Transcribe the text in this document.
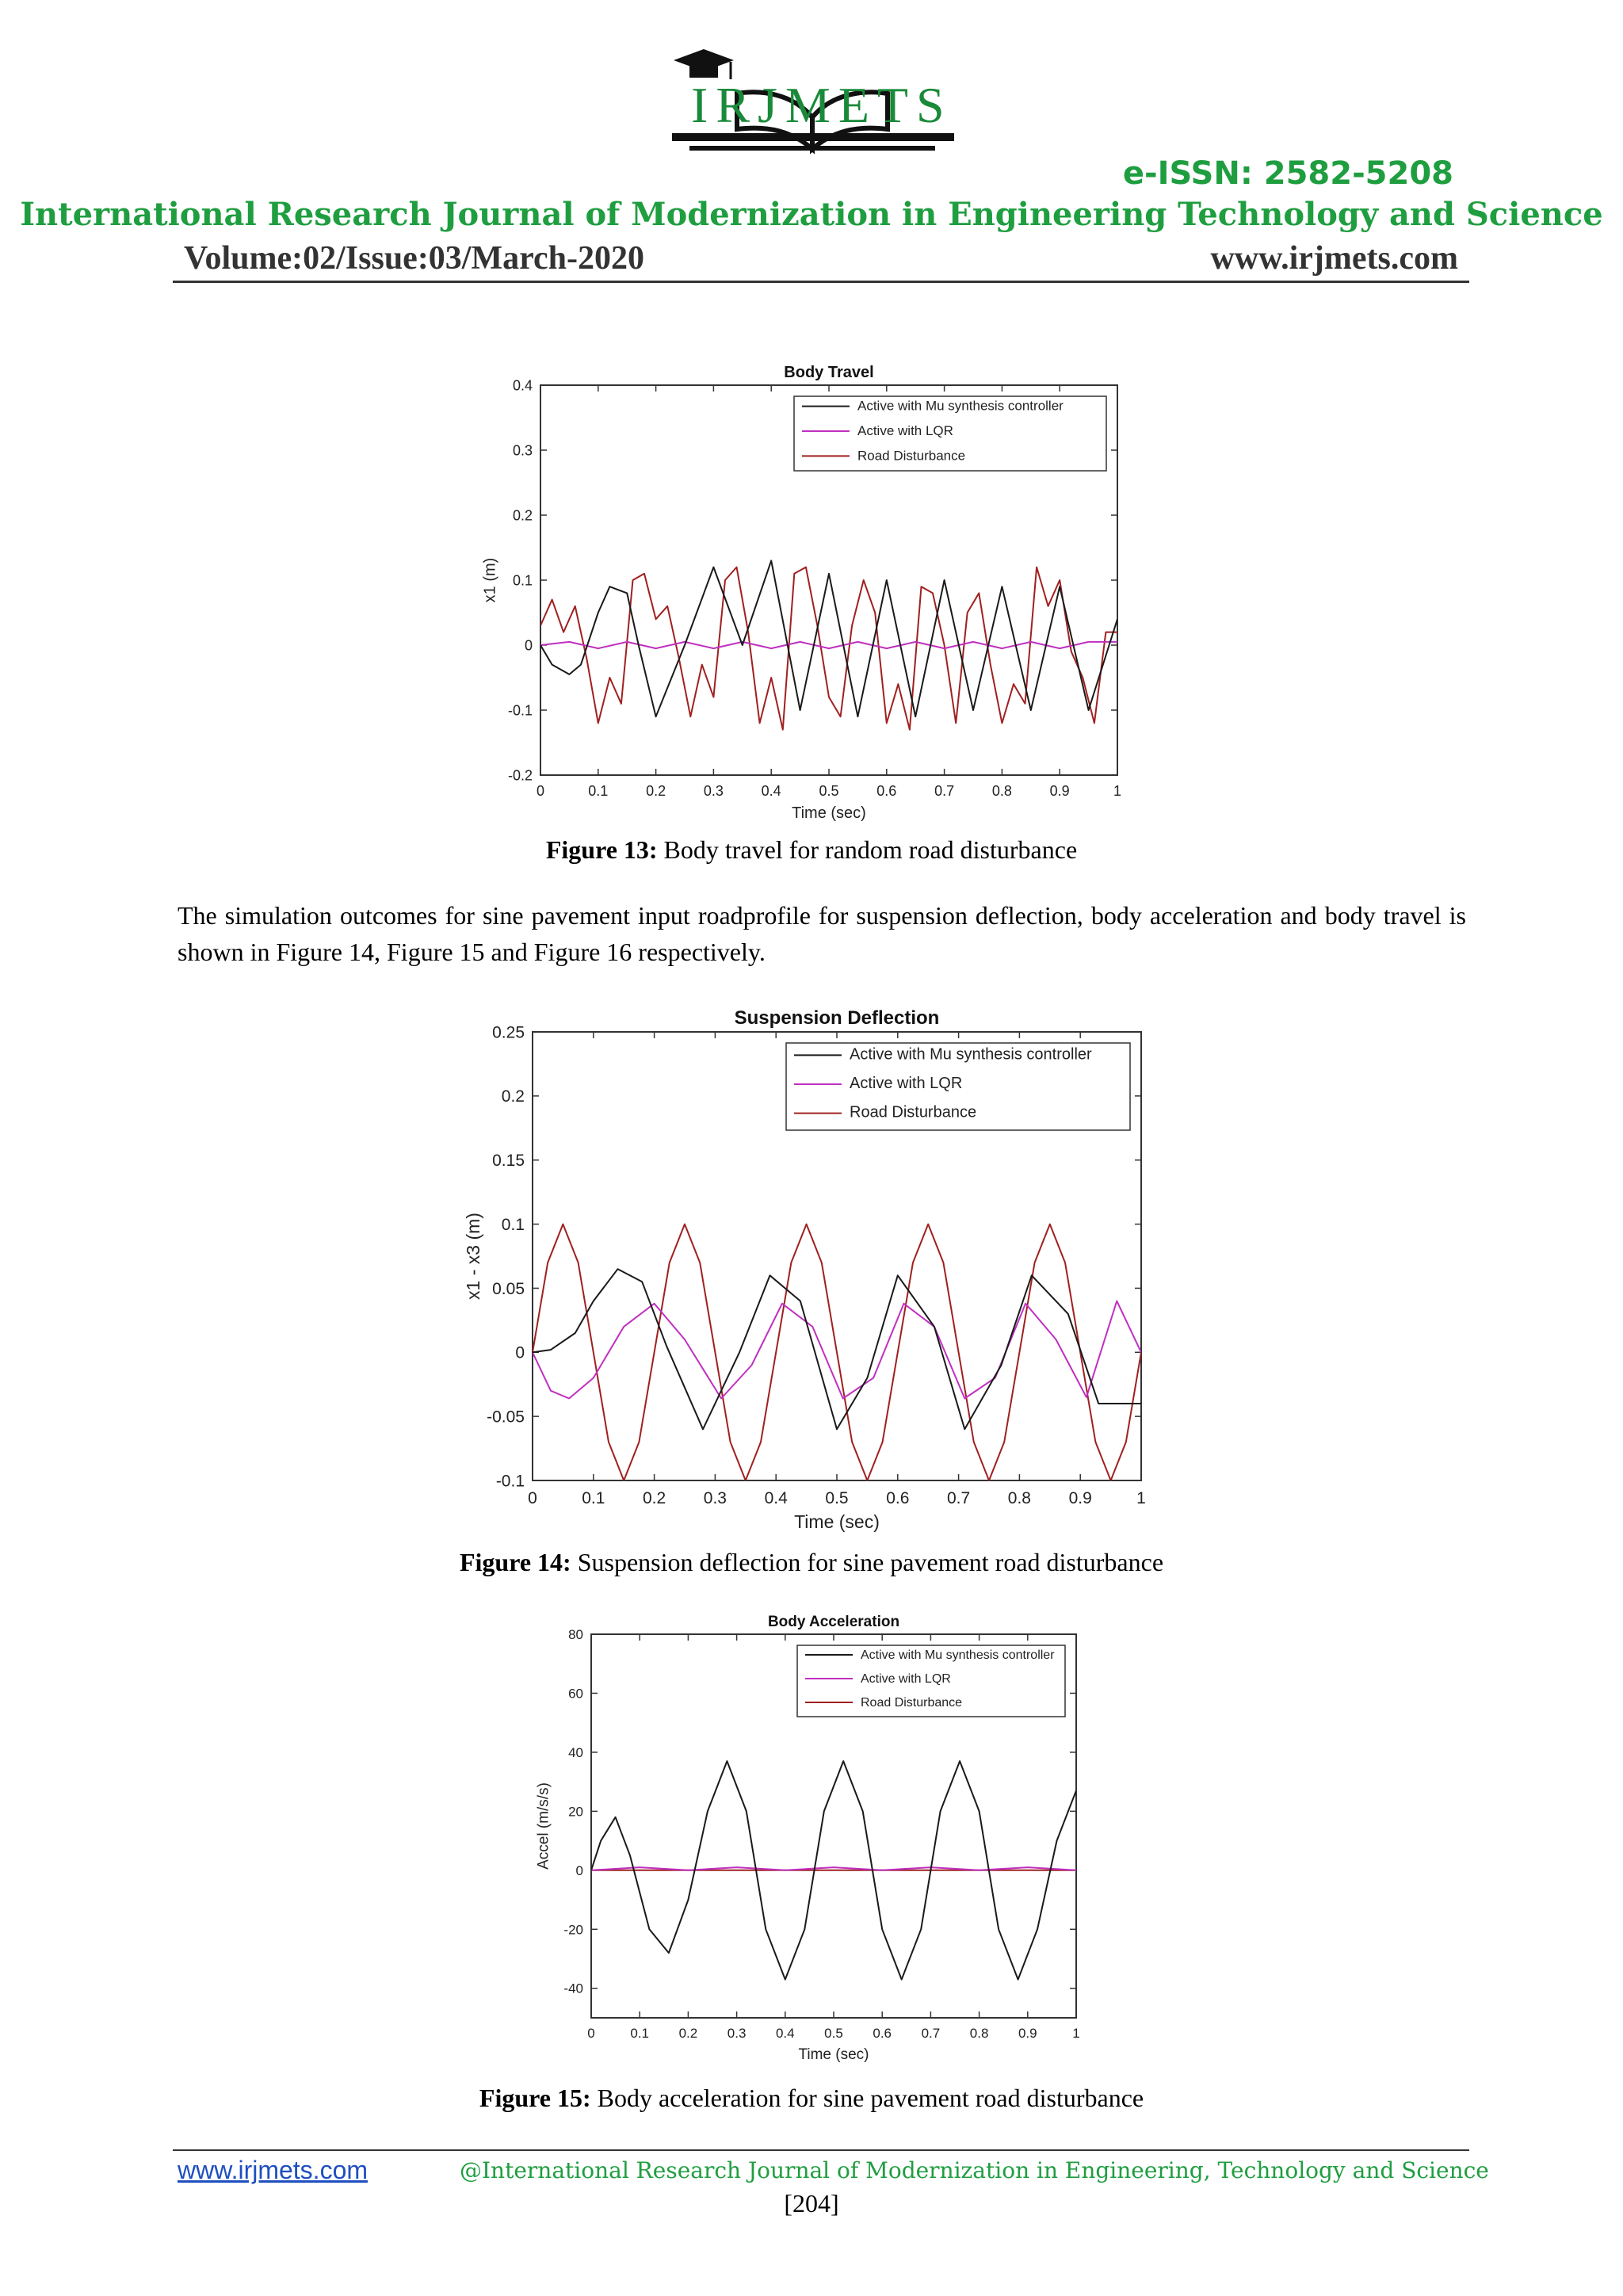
IRJMETS
e-ISSN: 2582-5208
International Research Journal of Modernization in Engineering Technology and Science
Volume:02/Issue:03/March-2020	www.irjmets.com
Body Travel
0	0.1	0.2	0.3	0.4	0.5	0.6	0.7	0.8	0.9	1
-0.2
-0.1
0
0.1
0.2
0.3
0.4
Time (sec)
x1 (m)
Active with Mu synthesis controller
Active with LQR
Road Disturbance
Figure 13: Body travel for random road disturbance
The simulation outcomes for sine pavement input roadprofile for suspension deflection, body acceleration and body travel is shown in Figure 14, Figure 15 and Figure 16 respectively.
Suspension Deflection
0	0.1 0.2 0.3 0.4 0.5 0.6 0.7 0.8 0.9	1
-0.1
-0.05
0
0.05
0.1
0.15
0.2
0.25
Time (sec)
x1 - x3 (m)
Active with Mu synthesis controller
Active with LQR
Road Disturbance
Figure 14: Suspension deflection for sine pavement road disturbance
Body Acceleration
0	0.1 0.2 0.3 0.4 0.5 0.6 0.7 0.8 0.9	1
-40
-20
0
20
40
60
80
Time (sec)
Accel (m/s/s)
Active with Mu synthesis controller
Active with LQR
Road Disturbance
Figure 15: Body acceleration for sine pavement road disturbance
www.irjmets.com	@International Research Journal of Modernization in Engineering, Technology and Science
[204]
